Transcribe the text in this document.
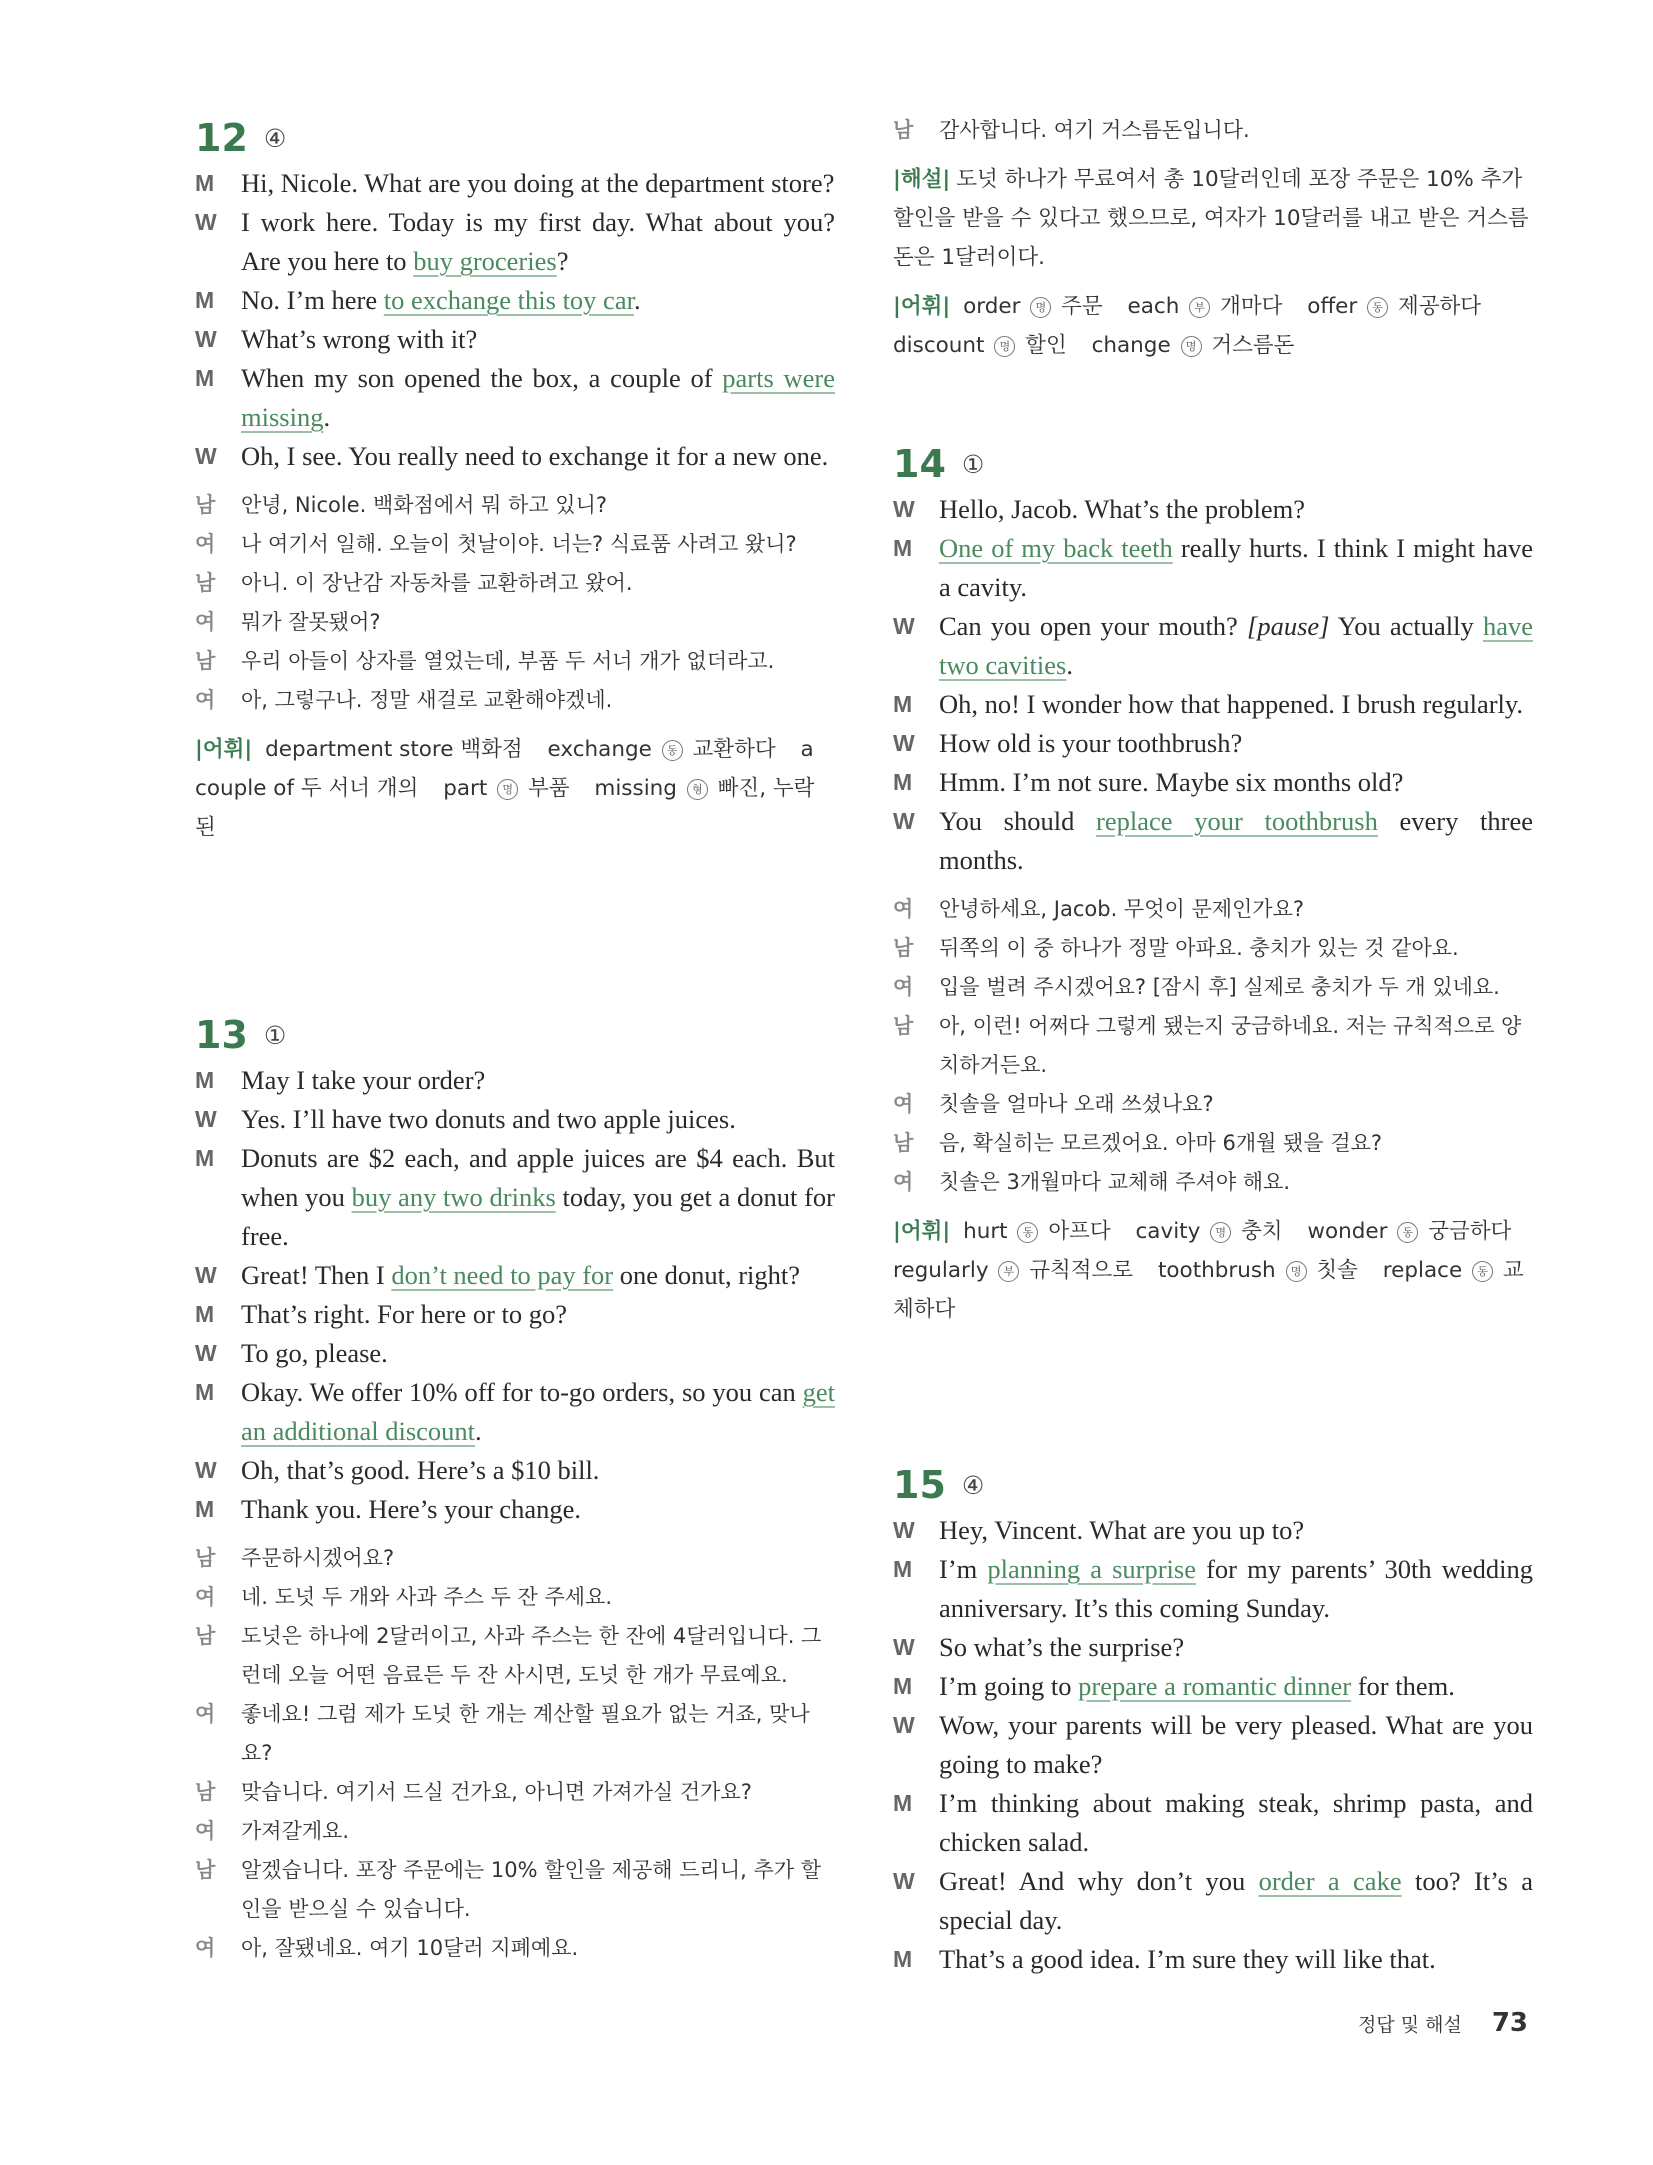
12 ④
M	Hi, Nicole. What are you doing at the department store?
W I work here. Today is my first day. What about you? Are you here to buy groceries?
M	No. I’m here to exchange this toy car.
W What’s wrong with it?
M	When my son opened the box, a couple of parts were missing.
W Oh, I see. You really need to exchange it for a new one.
남	안녕, Nicole. 백화점에서 뭐 하고 있니?
여	나 여기서 일해. 오늘이 첫날이야. 너는? 식료품 사려고 왔니?
남	아니. 이 장난감 자동차를 교환하려고 왔어.
여	뭐가 잘못됐어?
남	우리 아들이 상자를 열었는데, 부품 두 서너 개가 없더라고.
여	아, 그렇구나. 정말 새걸로 교환해야겠네.
|어휘| department store 백화점 exchange 동 교환하다 a couple of 두 서너 개의 part 명 부품 missing 형 빠진, 누락된
13 ①
M	May I take your order?
W Yes. I’ll have two donuts and two apple juices.
M	Donuts are $2 each, and apple juices are $4 each. But when you buy any two drinks today, you get a donut for free.
W Great! Then I don’t need to pay for one donut, right?
M	That’s right. For here or to go?
W To go, please.
M	Okay. We offer 10% off for to-go orders, so you can get an additional discount.
W Oh, that’s good. Here’s a $10 bill.
M	Thank you. Here’s your change.
남	주문하시겠어요?
여	네. 도넛 두 개와 사과 주스 두 잔 주세요.
남	도넛은 하나에 2달러이고, 사과 주스는 한 잔에 4달러입니다. 그런데 오늘 어떤 음료든 두 잔 사시면, 도넛 한 개가 무료예요.
여	좋네요! 그럼 제가 도넛 한 개는 계산할 필요가 없는 거죠, 맞나요?
남	맞습니다. 여기서 드실 건가요, 아니면 가져가실 건가요?
여	가져갈게요.
남	알겠습니다. 포장 주문에는 10% 할인을 제공해 드리니, 추가 할인을 받으실 수 있습니다.
여	아, 잘됐네요. 여기 10달러 지폐예요.
남	감사합니다. 여기 거스름돈입니다.
|해설| 도넛 하나가 무료여서 총 10달러인데 포장 주문은 10% 추가 할인을 받을 수 있다고 했으므로, 여자가 10달러를 내고 받은 거스름돈은 1달러이다.
|어휘| order 명 주문 each 부 개마다 offer 동 제공하다 discount 명 할인 change 명 거스름돈
14 ①
W Hello, Jacob. What’s the problem?
M	One of my back teeth really hurts. I think I might have a cavity.
W Can you open your mouth? [pause] You actually have two cavities.
M	Oh, no! I wonder how that happened. I brush regularly.
W How old is your toothbrush?
M	Hmm. I’m not sure. Maybe six months old?
W You should replace your toothbrush every three months.
여	안녕하세요, Jacob. 무엇이 문제인가요?
남	뒤쪽의 이 중 하나가 정말 아파요. 충치가 있는 것 같아요.
여	입을 벌려 주시겠어요? [잠시 후] 실제로 충치가 두 개 있네요.
남	아, 이런! 어쩌다 그렇게 됐는지 궁금하네요. 저는 규칙적으로 양치하거든요.
여	칫솔을 얼마나 오래 쓰셨나요?
남	음, 확실히는 모르겠어요. 아마 6개월 됐을 걸요?
여	칫솔은 3개월마다 교체해 주셔야 해요.
|어휘| hurt 동 아프다 cavity 명 충치 wonder 동 궁금하다 regularly 부 규칙적으로 toothbrush 명 칫솔 replace 동 교체하다
15 ④
W Hey, Vincent. What are you up to?
M	I’m planning a surprise for my parents’ 30th wedding anniversary. It’s this coming Sunday.
W So what’s the surprise?
M	I’m going to prepare a romantic dinner for them.
W Wow, your parents will be very pleased. What are you going to make?
M	I’m thinking about making steak, shrimp pasta, and chicken salad.
W Great! And why don’t you order a cake too? It’s a special day.
M	That’s a good idea. I’m sure they will like that.
정답 및 해설 73
